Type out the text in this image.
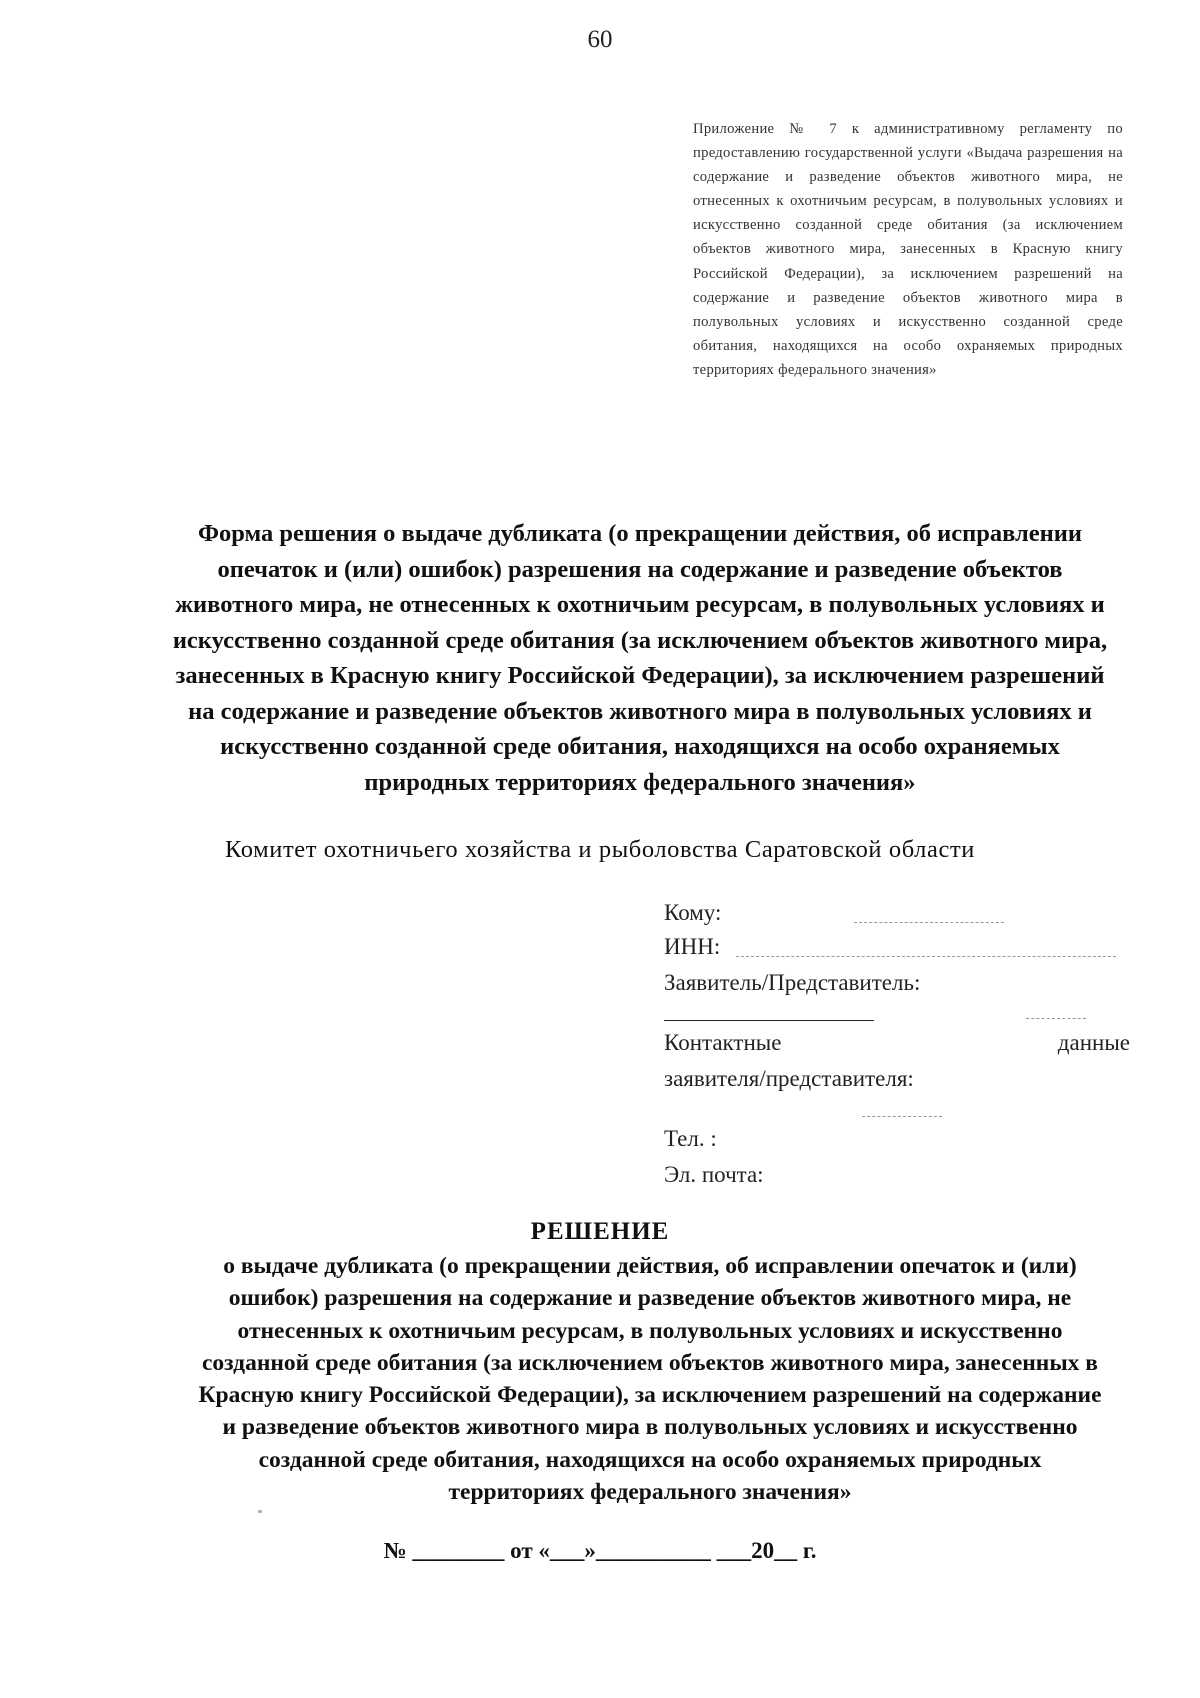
60
Приложение № 7 к административному регламенту по предоставлению государственной услуги «Выдача разрешения на содержание и разведение объектов животного мира, не отнесенных к охотничьим ресурсам, в полувольных условиях и искусственно созданной среде обитания (за исключением объектов животного мира, занесенных в Красную книгу Российской Федерации), за исключением разрешений на содержание и разведение объектов животного мира в полувольных условиях и искусственно созданной среде обитания, находящихся на особо охраняемых природных территориях федерального значения»
Форма решения о выдаче дубликата (о прекращении действия, об исправлении опечаток и (или) ошибок) разрешения на содержание и разведение объектов животного мира, не отнесенных к охотничьим ресурсам, в полувольных условиях и искусственно созданной среде обитания (за исключением объектов животного мира, занесенных в Красную книгу Российской Федерации), за исключением разрешений на содержание и разведение объектов животного мира в полувольных условиях и искусственно созданной среде обитания, находящихся на особо охраняемых природных территориях федерального значения»
Комитет охотничьего хозяйства и рыболовства Саратовской области
Кому:
ИНН:
Заявитель/Представитель:
Контактные	данные
заявителя/представителя:
Тел. :
Эл. почта:
РЕШЕНИЕ
о выдаче дубликата (о прекращении действия, об исправлении опечаток и (или) ошибок) разрешения на содержание и разведение объектов животного мира, не отнесенных к охотничьим ресурсам, в полувольных условиях и искусственно созданной среде обитания (за исключением объектов животного мира, занесенных в Красную книгу Российской Федерации), за исключением разрешений на содержание и разведение объектов животного мира в полувольных условиях и искусственно созданной среде обитания, находящихся на особо охраняемых природных территориях федерального значения»
№ ________ от «___»__________ ___20__ г.
